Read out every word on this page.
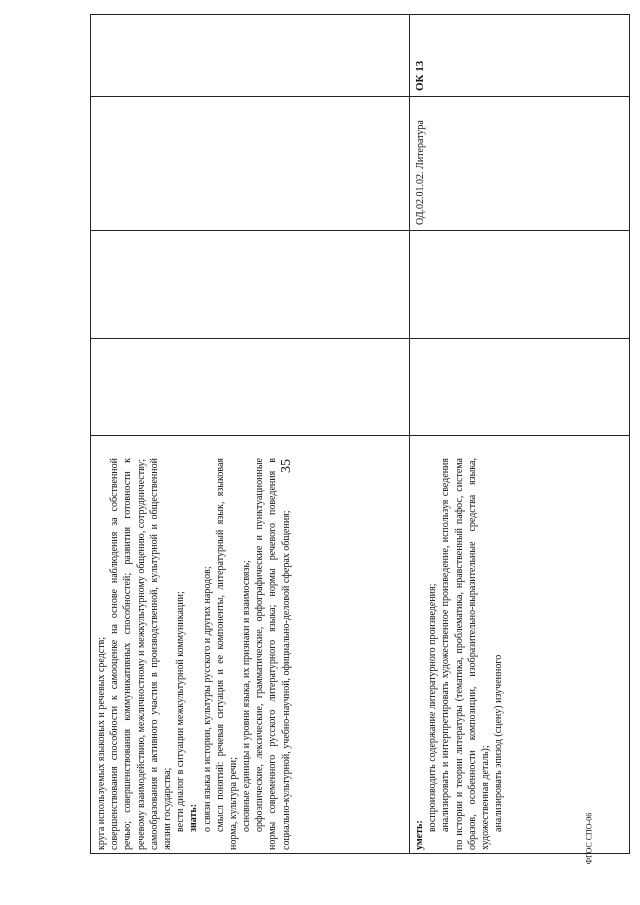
35

круга используемых языковых и речевых средств; совершенствования способности к самооценке на основе наблюдения за собственной речью; совершенствования коммуникативных способностей; развития готовности к речевому взаимодействию, межличностному и межкультурному общению, сотрудничеству; самообразования и активного участия в производственной, культурной и общественной жизни государства; вести диалог в ситуации межкультурной коммуникации; знать: о связи языка и истории, культуры русского и других народов; смысл понятий: речевая ситуация и ее компоненты, литературный язык, языковая норма, культура речи; основные единицы и уровни языка, их признаки и взаимосвязь; орфоэпические, лексические, грамматические, орфографические и пунктуационные нормы современного русского литературного языка; нормы речевого поведения в социально-культурной, учебно-научной, официально-деловой сферах общения;	уметь:

воспроизводить содержание литературного произведения; анализировать и интерпретировать художественное произведение, используя сведения по истории и теории литературы (тематика, проблематика, нравственный пафос, система образов, особенности композиции, изобразительно-выразительные средства языка, художественная деталь); анализировать эпизод (сцену) изученного

ОД.02.01.02. Литература
ОК 13
ФГОС СПО-06
